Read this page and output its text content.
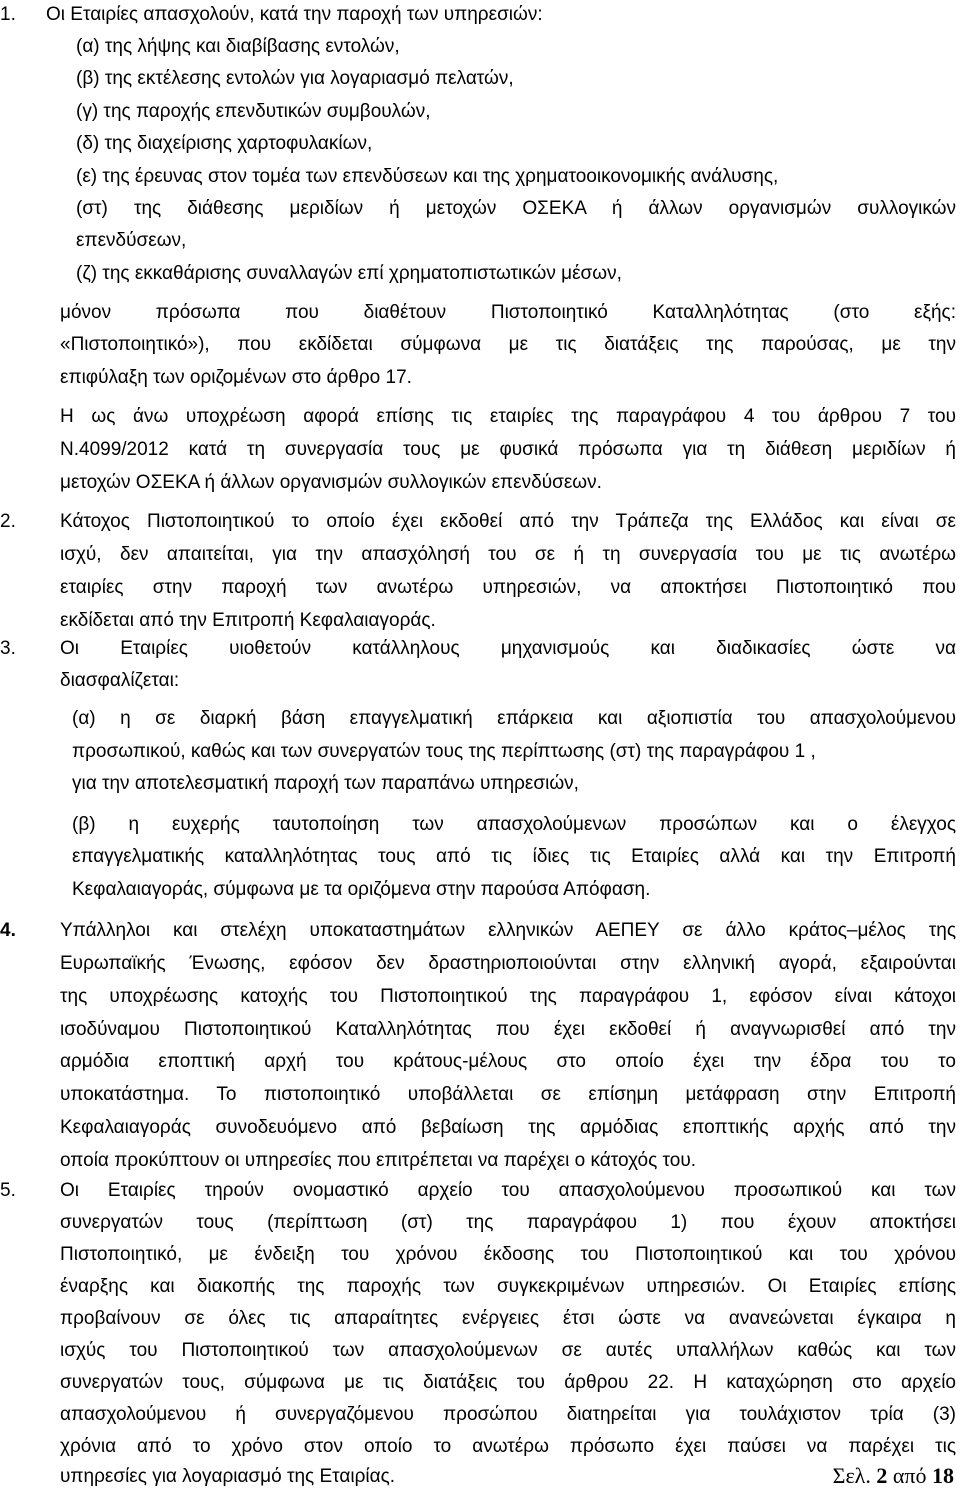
1.	Οι Εταιρίες απασχολούν, κατά την παροχή των υπηρεσιών:
(α) της λήψης και διαβίβασης εντολών,
(β) της εκτέλεσης εντολών για λογαριασμό πελατών,
(γ) της παροχής επενδυτικών συμβουλών,
(δ) της διαχείρισης χαρτοφυλακίων,
(ε) της έρευνας στον τομέα των επενδύσεων και της χρηματοοικονομικής ανάλυσης,
(στ) της διάθεσης μεριδίων ή μετοχών ΟΣΕΚΑ ή άλλων οργανισμών συλλογικών
επενδύσεων,
(ζ) της εκκαθάρισης συναλλαγών επί χρηματοπιστωτικών μέσων,
μόνον πρόσωπα που διαθέτουν Πιστοποιητικό Καταλληλότητας (στο εξής:
«Πιστοποιητικό»), που εκδίδεται σύμφωνα με τις διατάξεις της παρούσας, με την
επιφύλαξη των οριζομένων στο άρθρο 17.
Η ως άνω υποχρέωση αφορά επίσης τις εταιρίες της παραγράφου 4 του άρθρου 7 του
Ν.4099/2012 κατά τη συνεργασία τους με φυσικά πρόσωπα για τη διάθεση μεριδίων ή
μετοχών ΟΣΕΚΑ ή άλλων οργανισμών συλλογικών επενδύσεων.
2.	Κάτοχος Πιστοποιητικού το οποίο έχει εκδοθεί από την Τράπεζα της Ελλάδος και είναι σε
ισχύ, δεν απαιτείται, για την απασχόλησή του σε ή τη συνεργασία του με τις ανωτέρω
εταιρίες στην παροχή των ανωτέρω υπηρεσιών, να αποκτήσει Πιστοποιητικό που
εκδίδεται από την Επιτροπή Κεφαλαιαγοράς.
3.	Οι Εταιρίες υιοθετούν κατάλληλους μηχανισμούς και διαδικασίες ώστε να
διασφαλίζεται:
(α) η σε διαρκή βάση επαγγελματική επάρκεια και αξιοπιστία του απασχολούμενου
προσωπικού, καθώς και των συνεργατών τους της περίπτωσης (στ) της παραγράφου 1 ,
για την αποτελεσματική παροχή των παραπάνω υπηρεσιών,
(β) η ευχερής ταυτοποίηση των απασχολούμενων προσώπων και ο έλεγχος
επαγγελματικής καταλληλότητας τους από τις ίδιες τις Εταιρίες αλλά και την Επιτροπή
Κεφαλαιαγοράς, σύμφωνα με τα οριζόμενα στην παρούσα Απόφαση.
4.	Υπάλληλοι και στελέχη υποκαταστημάτων ελληνικών ΑΕΠΕΥ σε άλλο κράτος–μέλος της
Ευρωπαϊκής Ένωσης, εφόσον δεν δραστηριοποιούνται στην ελληνική αγορά, εξαιρούνται
της υποχρέωσης κατοχής του Πιστοποιητικού της παραγράφου 1, εφόσον είναι κάτοχοι
ισοδύναμου Πιστοποιητικού Καταλληλότητας που έχει εκδοθεί ή αναγνωρισθεί από την
αρμόδια εποπτική αρχή του κράτους-μέλους στο οποίο έχει την έδρα του το
υποκατάστημα. Το πιστοποιητικό υποβάλλεται σε επίσημη μετάφραση στην Επιτροπή
Κεφαλαιαγοράς συνοδευόμενο από βεβαίωση της αρμόδιας εποπτικής αρχής από την
οποία προκύπτουν οι υπηρεσίες που επιτρέπεται να παρέχει ο κάτοχός του.
5.	Οι Εταιρίες τηρούν ονομαστικό αρχείο του απασχολούμενου προσωπικού και των
συνεργατών τους (περίπτωση (στ) της παραγράφου 1) που έχουν αποκτήσει
Πιστοποιητικό, με ένδειξη του χρόνου έκδοσης του Πιστοποιητικού και του χρόνου
έναρξης και διακοπής της παροχής των συγκεκριμένων υπηρεσιών. Οι Εταιρίες επίσης
προβαίνουν σε όλες τις απαραίτητες ενέργειες έτσι ώστε να ανανεώνεται έγκαιρα η
ισχύς του Πιστοποιητικού των απασχολούμενων σε αυτές υπαλλήλων καθώς και των
συνεργατών τους, σύμφωνα με τις διατάξεις του άρθρου 22. Η καταχώρηση στο αρχείο
απασχολούμενου ή συνεργαζόμενου προσώπου διατηρείται για τουλάχιστον τρία (3)
χρόνια από το χρόνο στον οποίο το ανωτέρω πρόσωπο έχει παύσει να παρέχει τις
υπηρεσίες για λογαριασμό της Εταιρίας.	Σελ. 2 από 18
